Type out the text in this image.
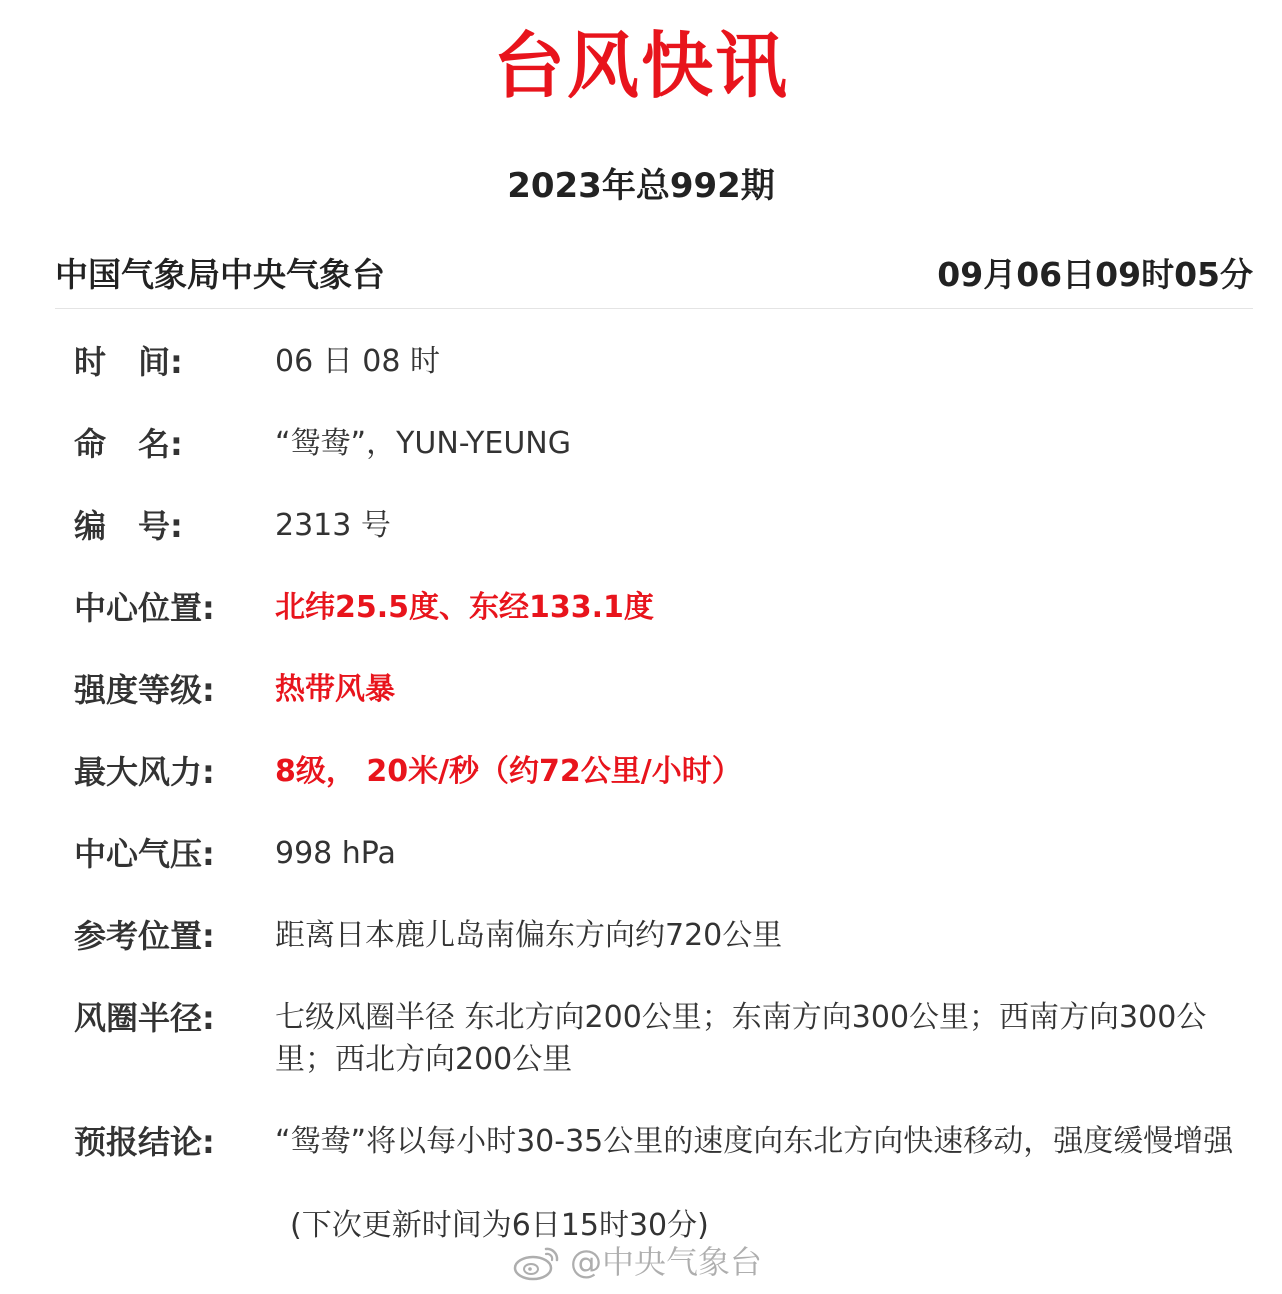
台风快讯
2023年总992期
中国气象局中央气象台	09月06日09时05分
时　间:	06 日 08 时
命　名:	“鸳鸯”，YUN-YEUNG
编　号:	2313 号
中心位置: 北纬25.5度、东经133.1度
强度等级: 热带风暴
最大风力: 8级， 20米/秒（约72公里/小时）
中心气压: 998 hPa
参考位置: 距离日本鹿儿岛南偏东方向约720公里
风圈半径: 七级风圈半径 东北方向200公里；东南方向300公里；西南方向300公里；西北方向200公里
预报结论: “鸳鸯”将以每小时30-35公里的速度向东北方向快速移动，强度缓慢增强
(下次更新时间为6日15时30分)
@中央气象台
